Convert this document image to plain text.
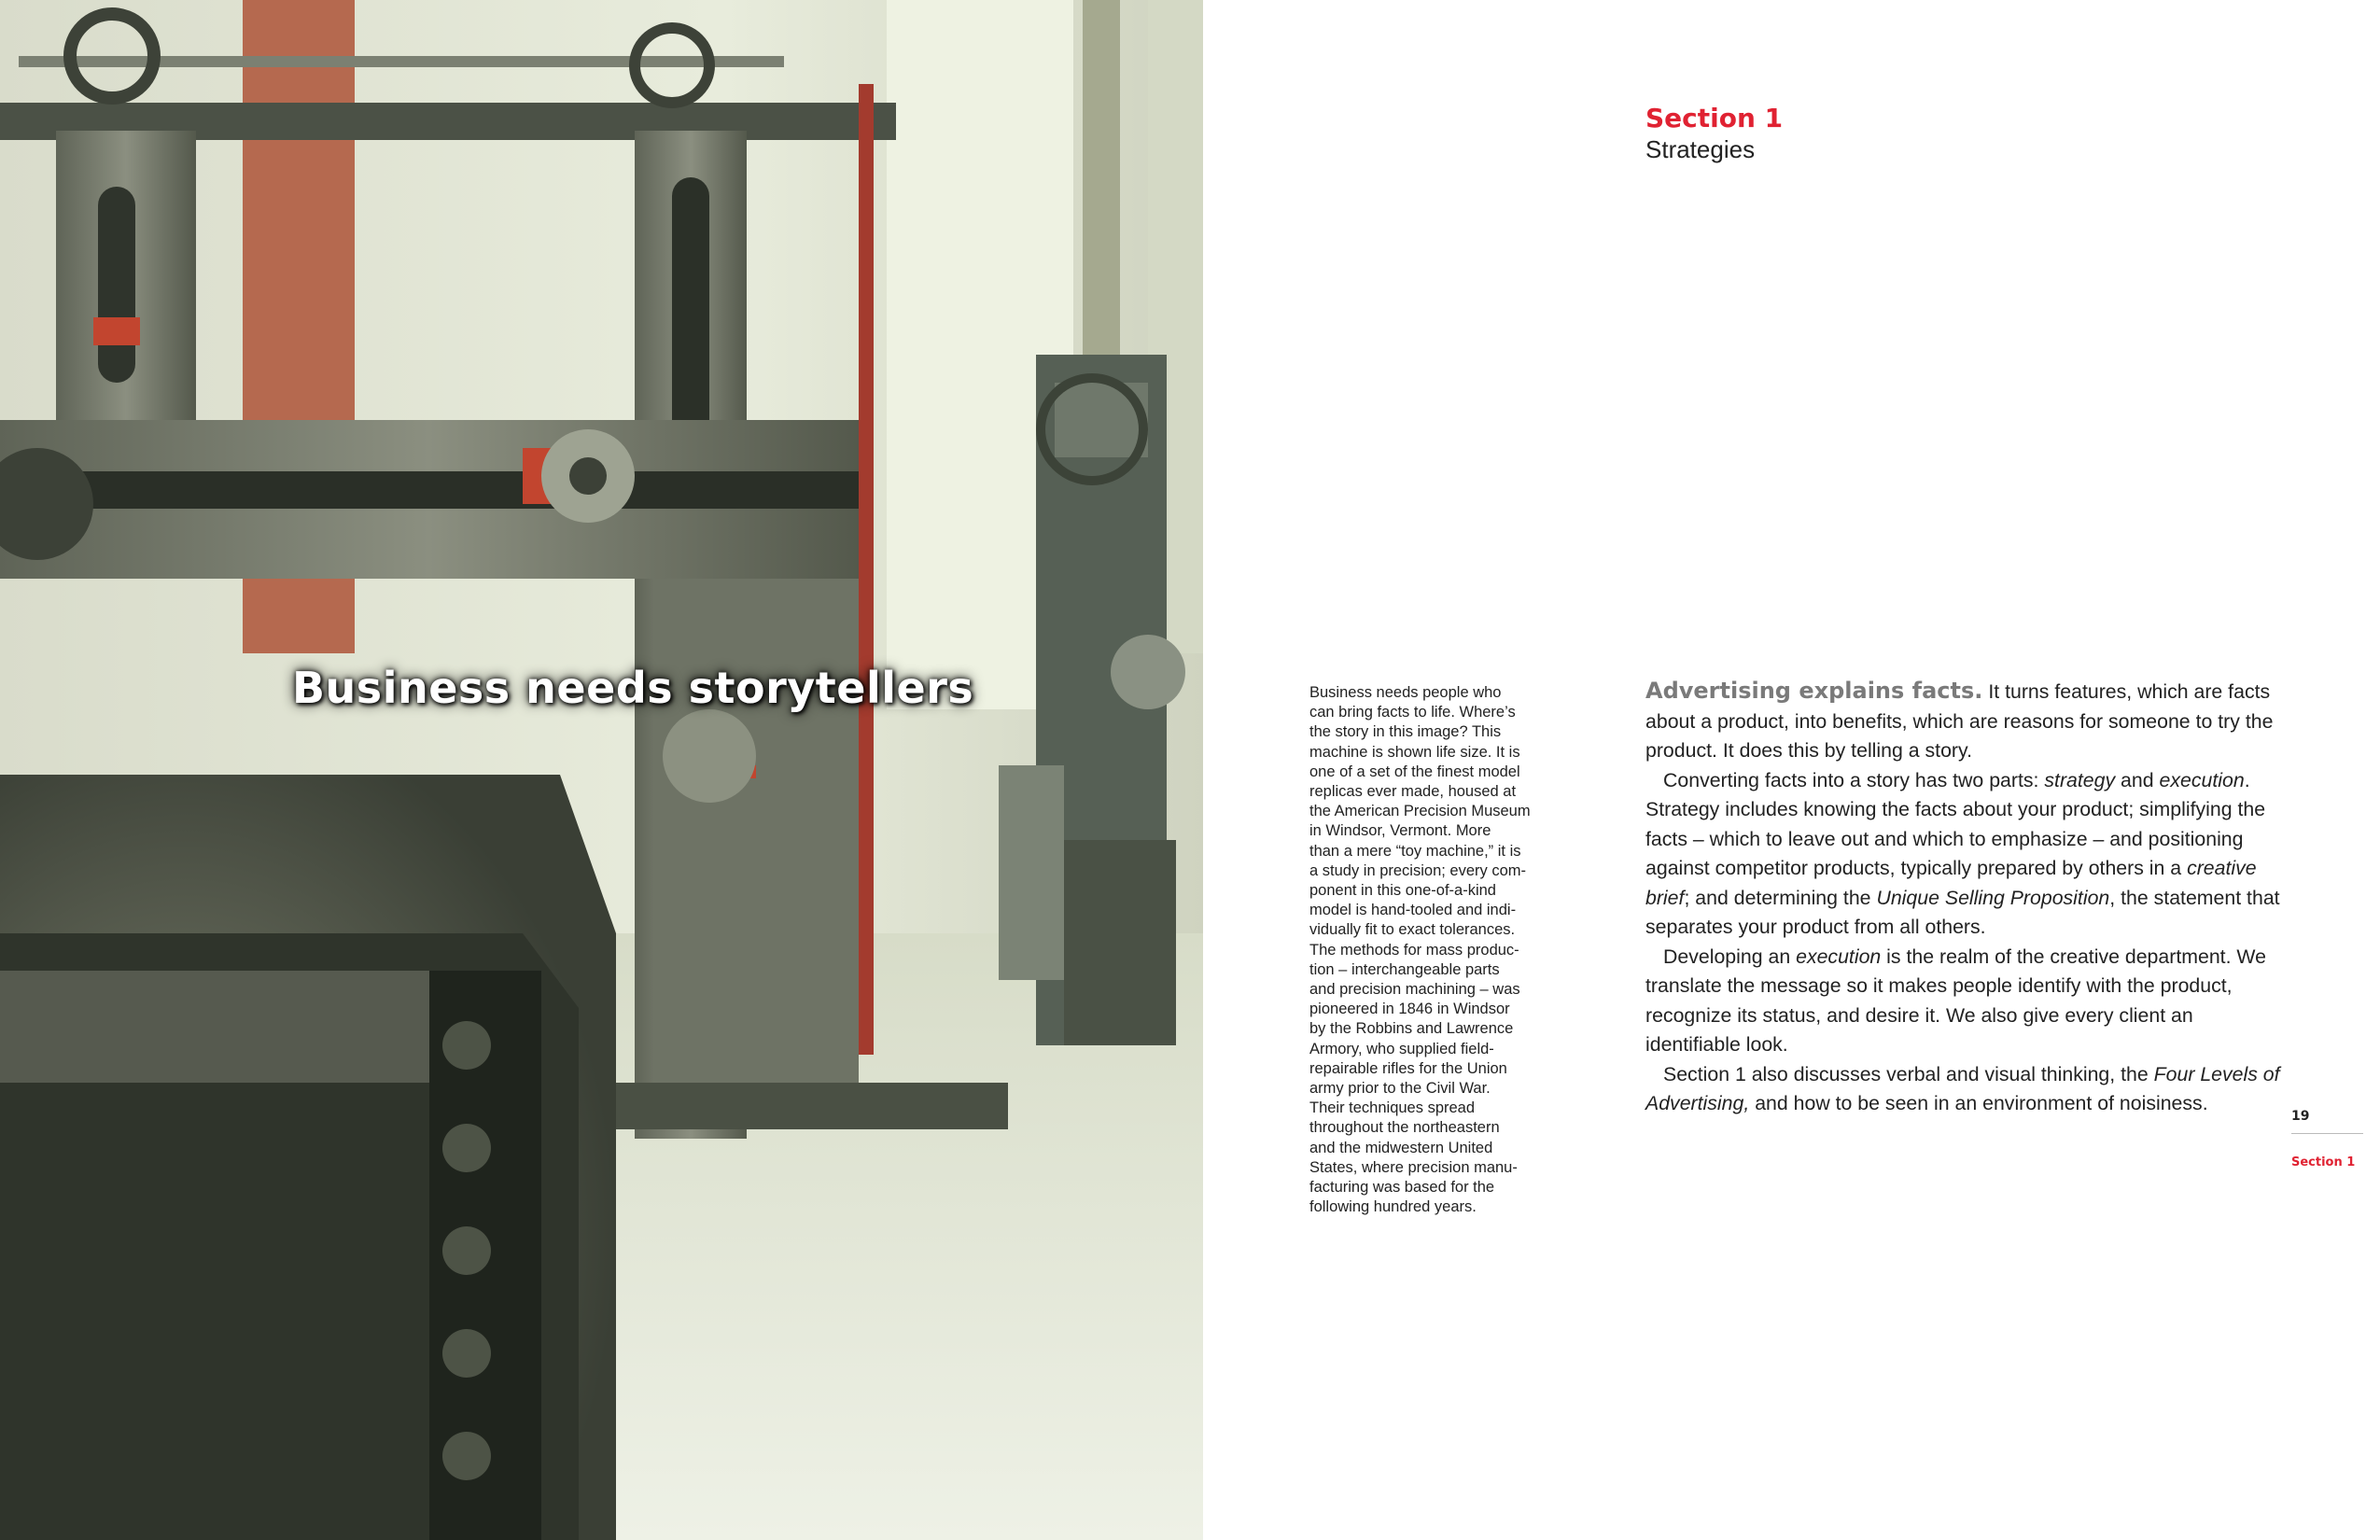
Business needs storytellers	Business needs people who
can bring facts to life. Where’s
the story in this image? This
machine is shown life size. It is
one of a set of the finest model
replicas ever made, housed at
the American Precision Museum
in Windsor, Vermont. More
than a mere “toy machine,” it is
a study in precision; every com-
ponent in this one-of-a-kind
model is hand-tooled and indi-
vidually fit to exact tolerances.
The methods for mass produc-
tion – interchangeable parts
and precision machining – was
pioneered in 1846 in Windsor
by the Robbins and Lawrence
Armory, who supplied field-
repairable rifles for the Union
army prior to the Civil War.
Their techniques spread
throughout the northeastern
and the midwestern United
States, where precision manu-
facturing was based for the
following hundred years.
Section 1
Strategies

Advertising explains facts. It turns features, which are facts about a product, into benefits, which are reasons for someone to try the product. It does this by telling a story.

Converting facts into a story has two parts: strategy and execution. Strategy includes knowing the facts about your product; simplifying the facts – which to leave out and which to emphasize – and positioning against competitor products, typically prepared by others in a creative brief; and determining the Unique Selling Proposition, the statement that separates your product from all others.

Developing an execution is the realm of the creative department. We translate the message so it makes people identify with the product, recognize its status, and desire it. We also give every client an identifiable look.

Section 1 also discusses verbal and visual thinking, the Four Levels of Advertising, and how to be seen in an environment of noisiness.

19
Section 1
